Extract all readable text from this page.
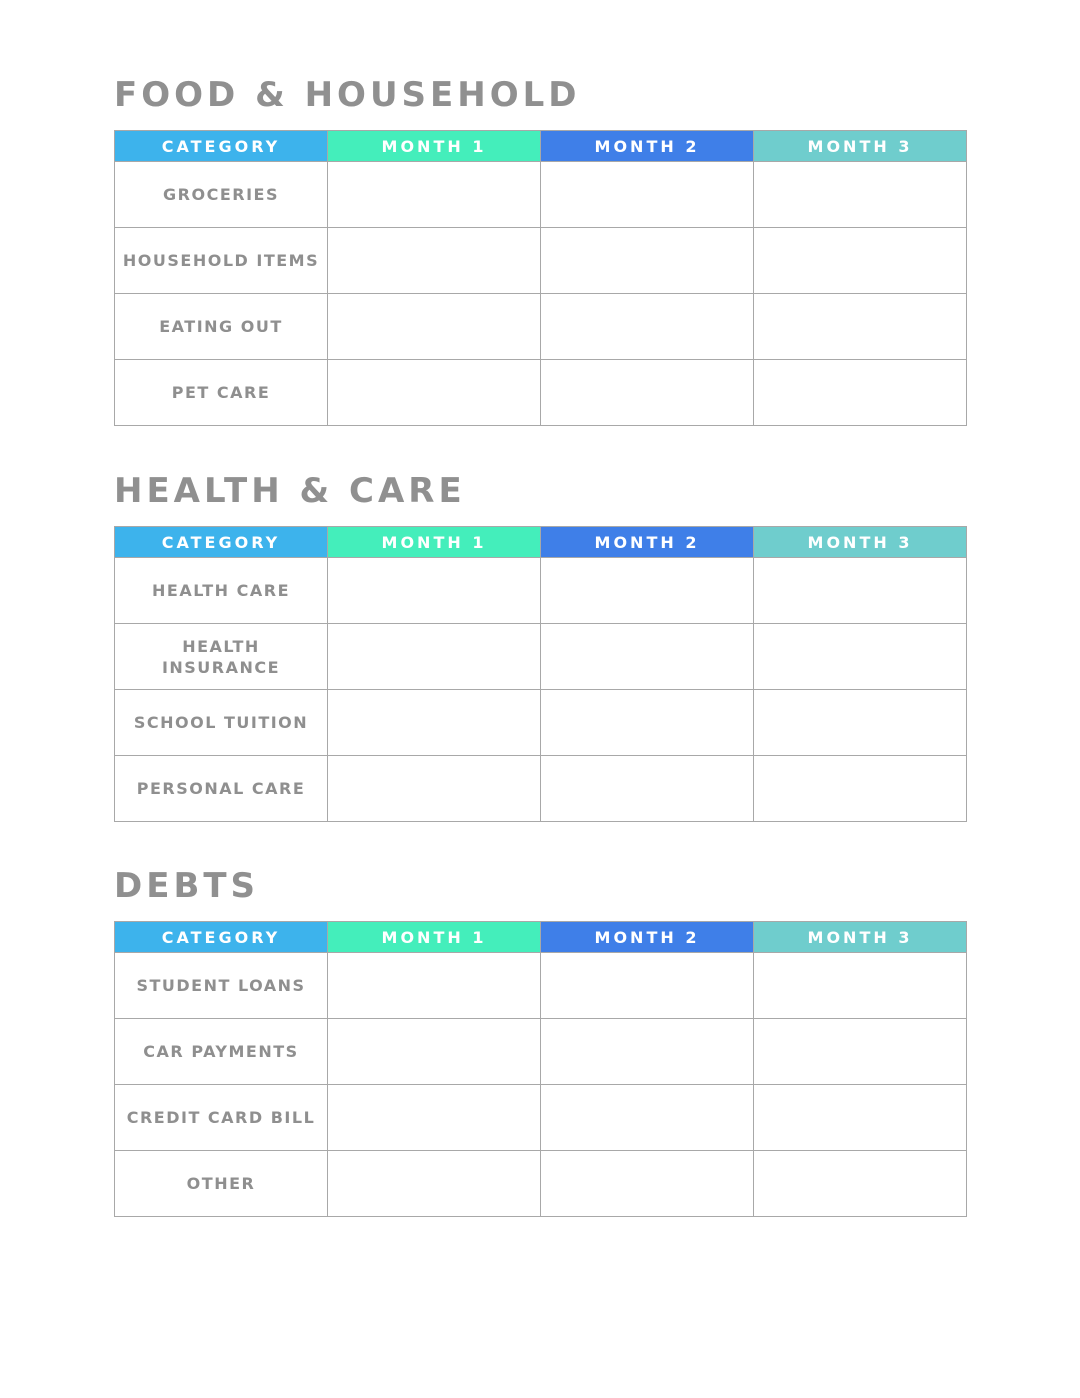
FOOD & HOUSEHOLD
CATEGORY	MONTH 1	MONTH 2	MONTH 3
GROCERIES			
HOUSEHOLD ITEMS			
EATING OUT			
PET CARE			
HEALTH & CARE
CATEGORY	MONTH 1	MONTH 2	MONTH 3
HEALTH CARE			
HEALTH INSURANCE			
SCHOOL TUITION			
PERSONAL CARE			
DEBTS
CATEGORY	MONTH 1	MONTH 2	MONTH 3
STUDENT LOANS			
CAR PAYMENTS			
CREDIT CARD BILL			
OTHER			
